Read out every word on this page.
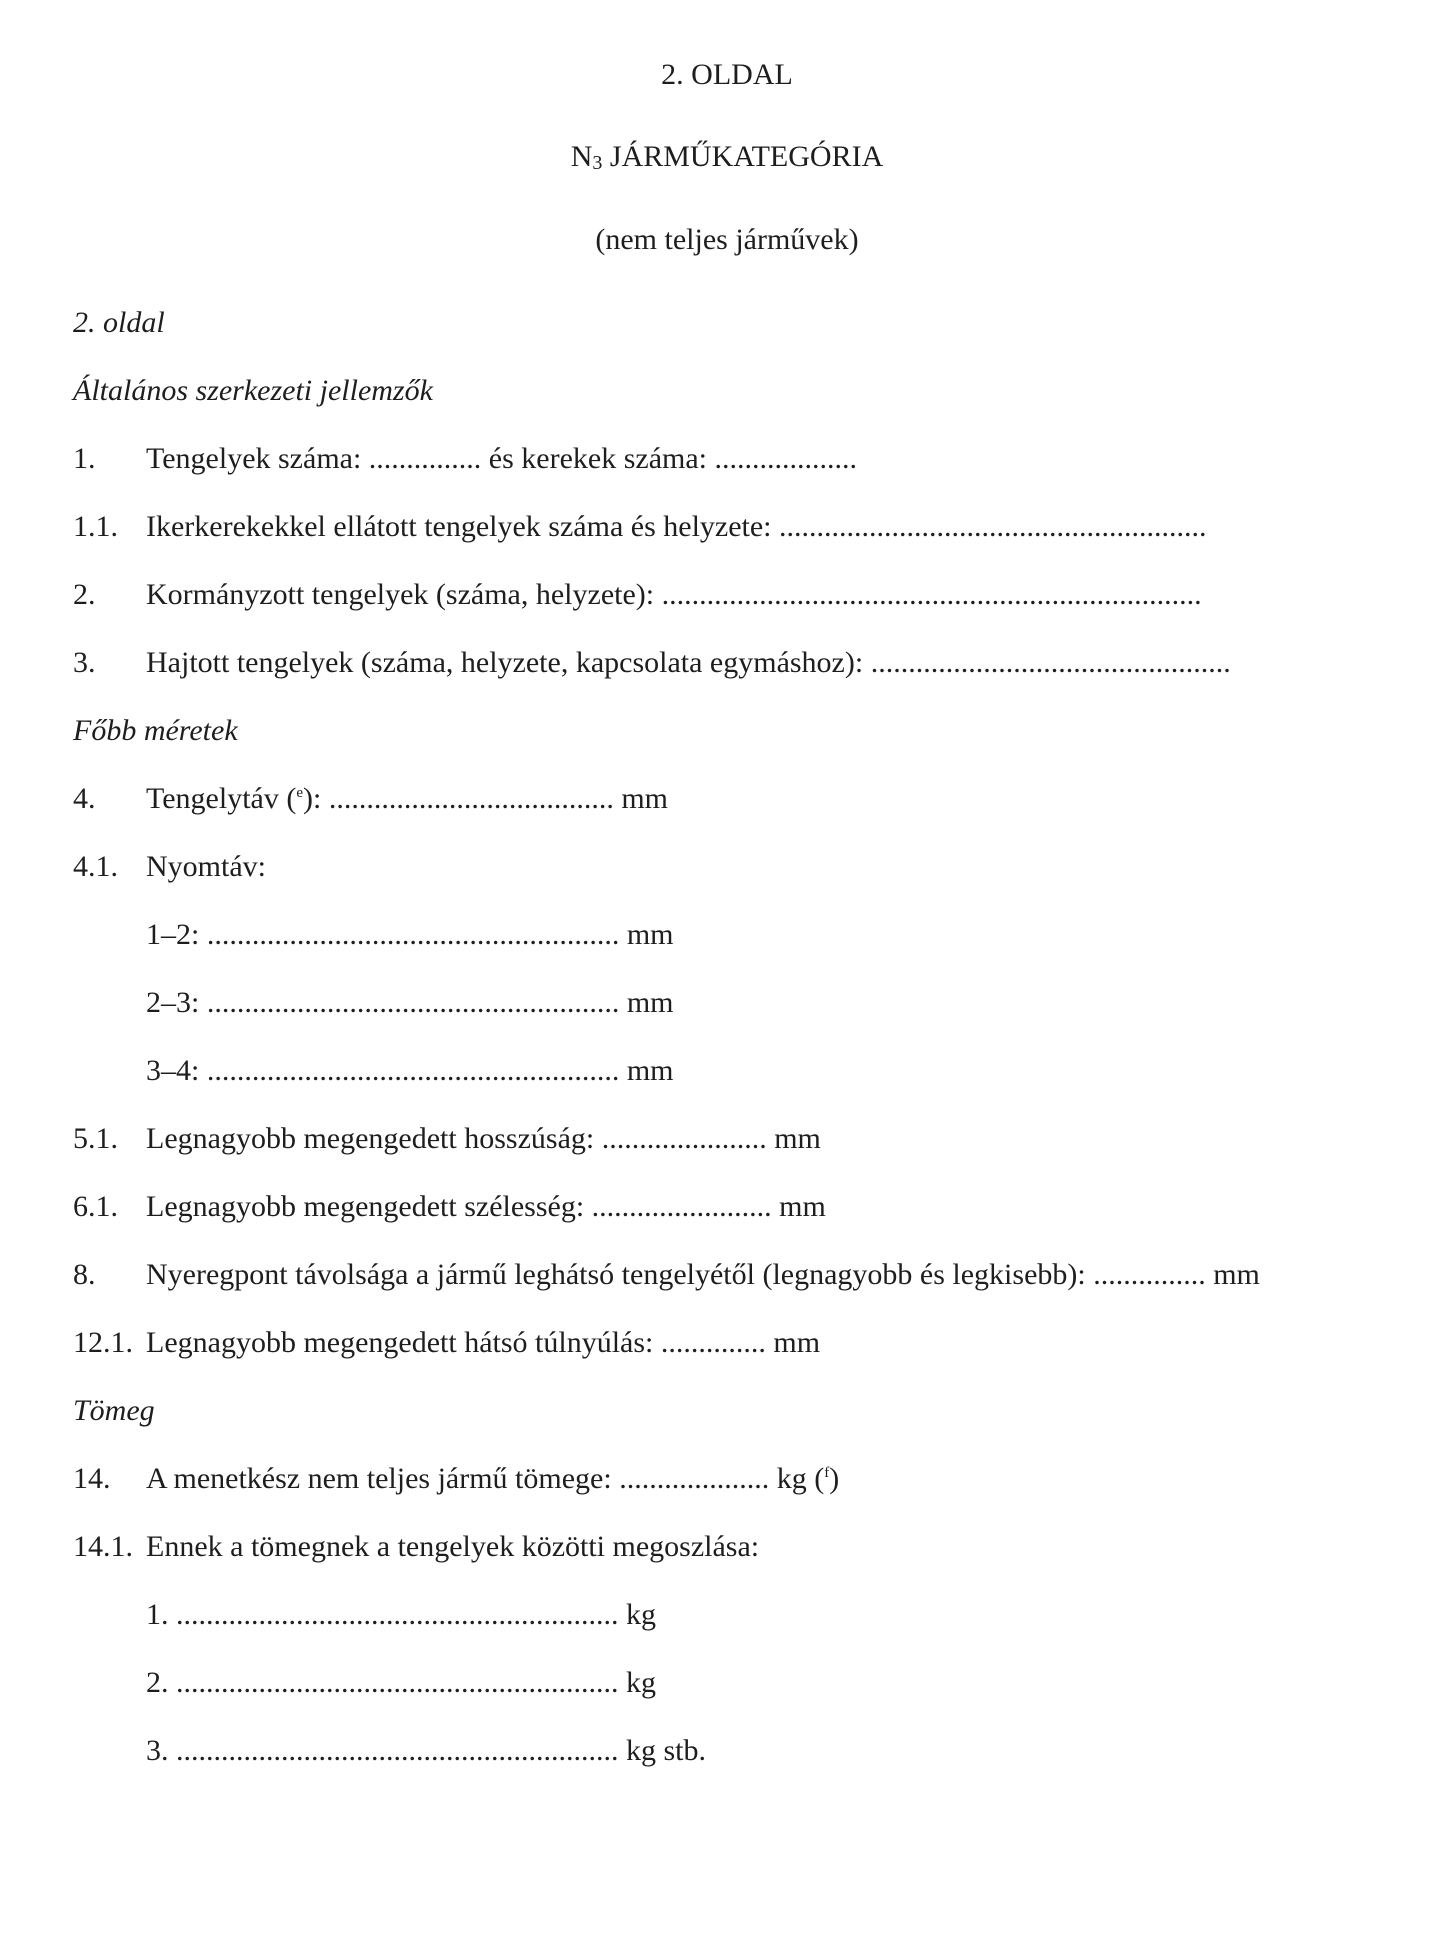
2. OLDAL
$N_3$ JÁRMŰKATEGÓRIA
(nem teljes járművek)
2. oldal
Általános szerkezeti jellemzők
1. Tengelyek száma: ............... és kerekek száma: ...................
1.1. Ikerkerekekkel ellátott tengelyek száma és helyzete: .........................................................
2. Kormányzott tengelyek (száma, helyzete): ........................................................................
3. Hajtott tengelyek (száma, helyzete, kapcsolata egymáshoz): ................................................
Főbb méretek
4. Tengelytáv ($^e$): ...................................... mm
4.1. Nyomtáv:
1–2: ....................................................... mm
2–3: ....................................................... mm
3–4: ....................................................... mm
5.1. Legnagyobb megengedett hosszúság: ...................... mm
6.1. Legnagyobb megengedett szélesség: ........................ mm
8. Nyeregpont távolsága a jármű leghátsó tengelyétől (legnagyobb és legkisebb): ............... mm
12.1. Legnagyobb megengedett hátsó túlnyúlás: .............. mm
Tömeg
14. A menetkész nem teljes jármű tömege: .................... kg ($^f$)
14.1. Ennek a tömegnek a tengelyek közötti megoszlása:
1. ........................................................... kg
2. ........................................................... kg
3. ........................................................... kg stb.
